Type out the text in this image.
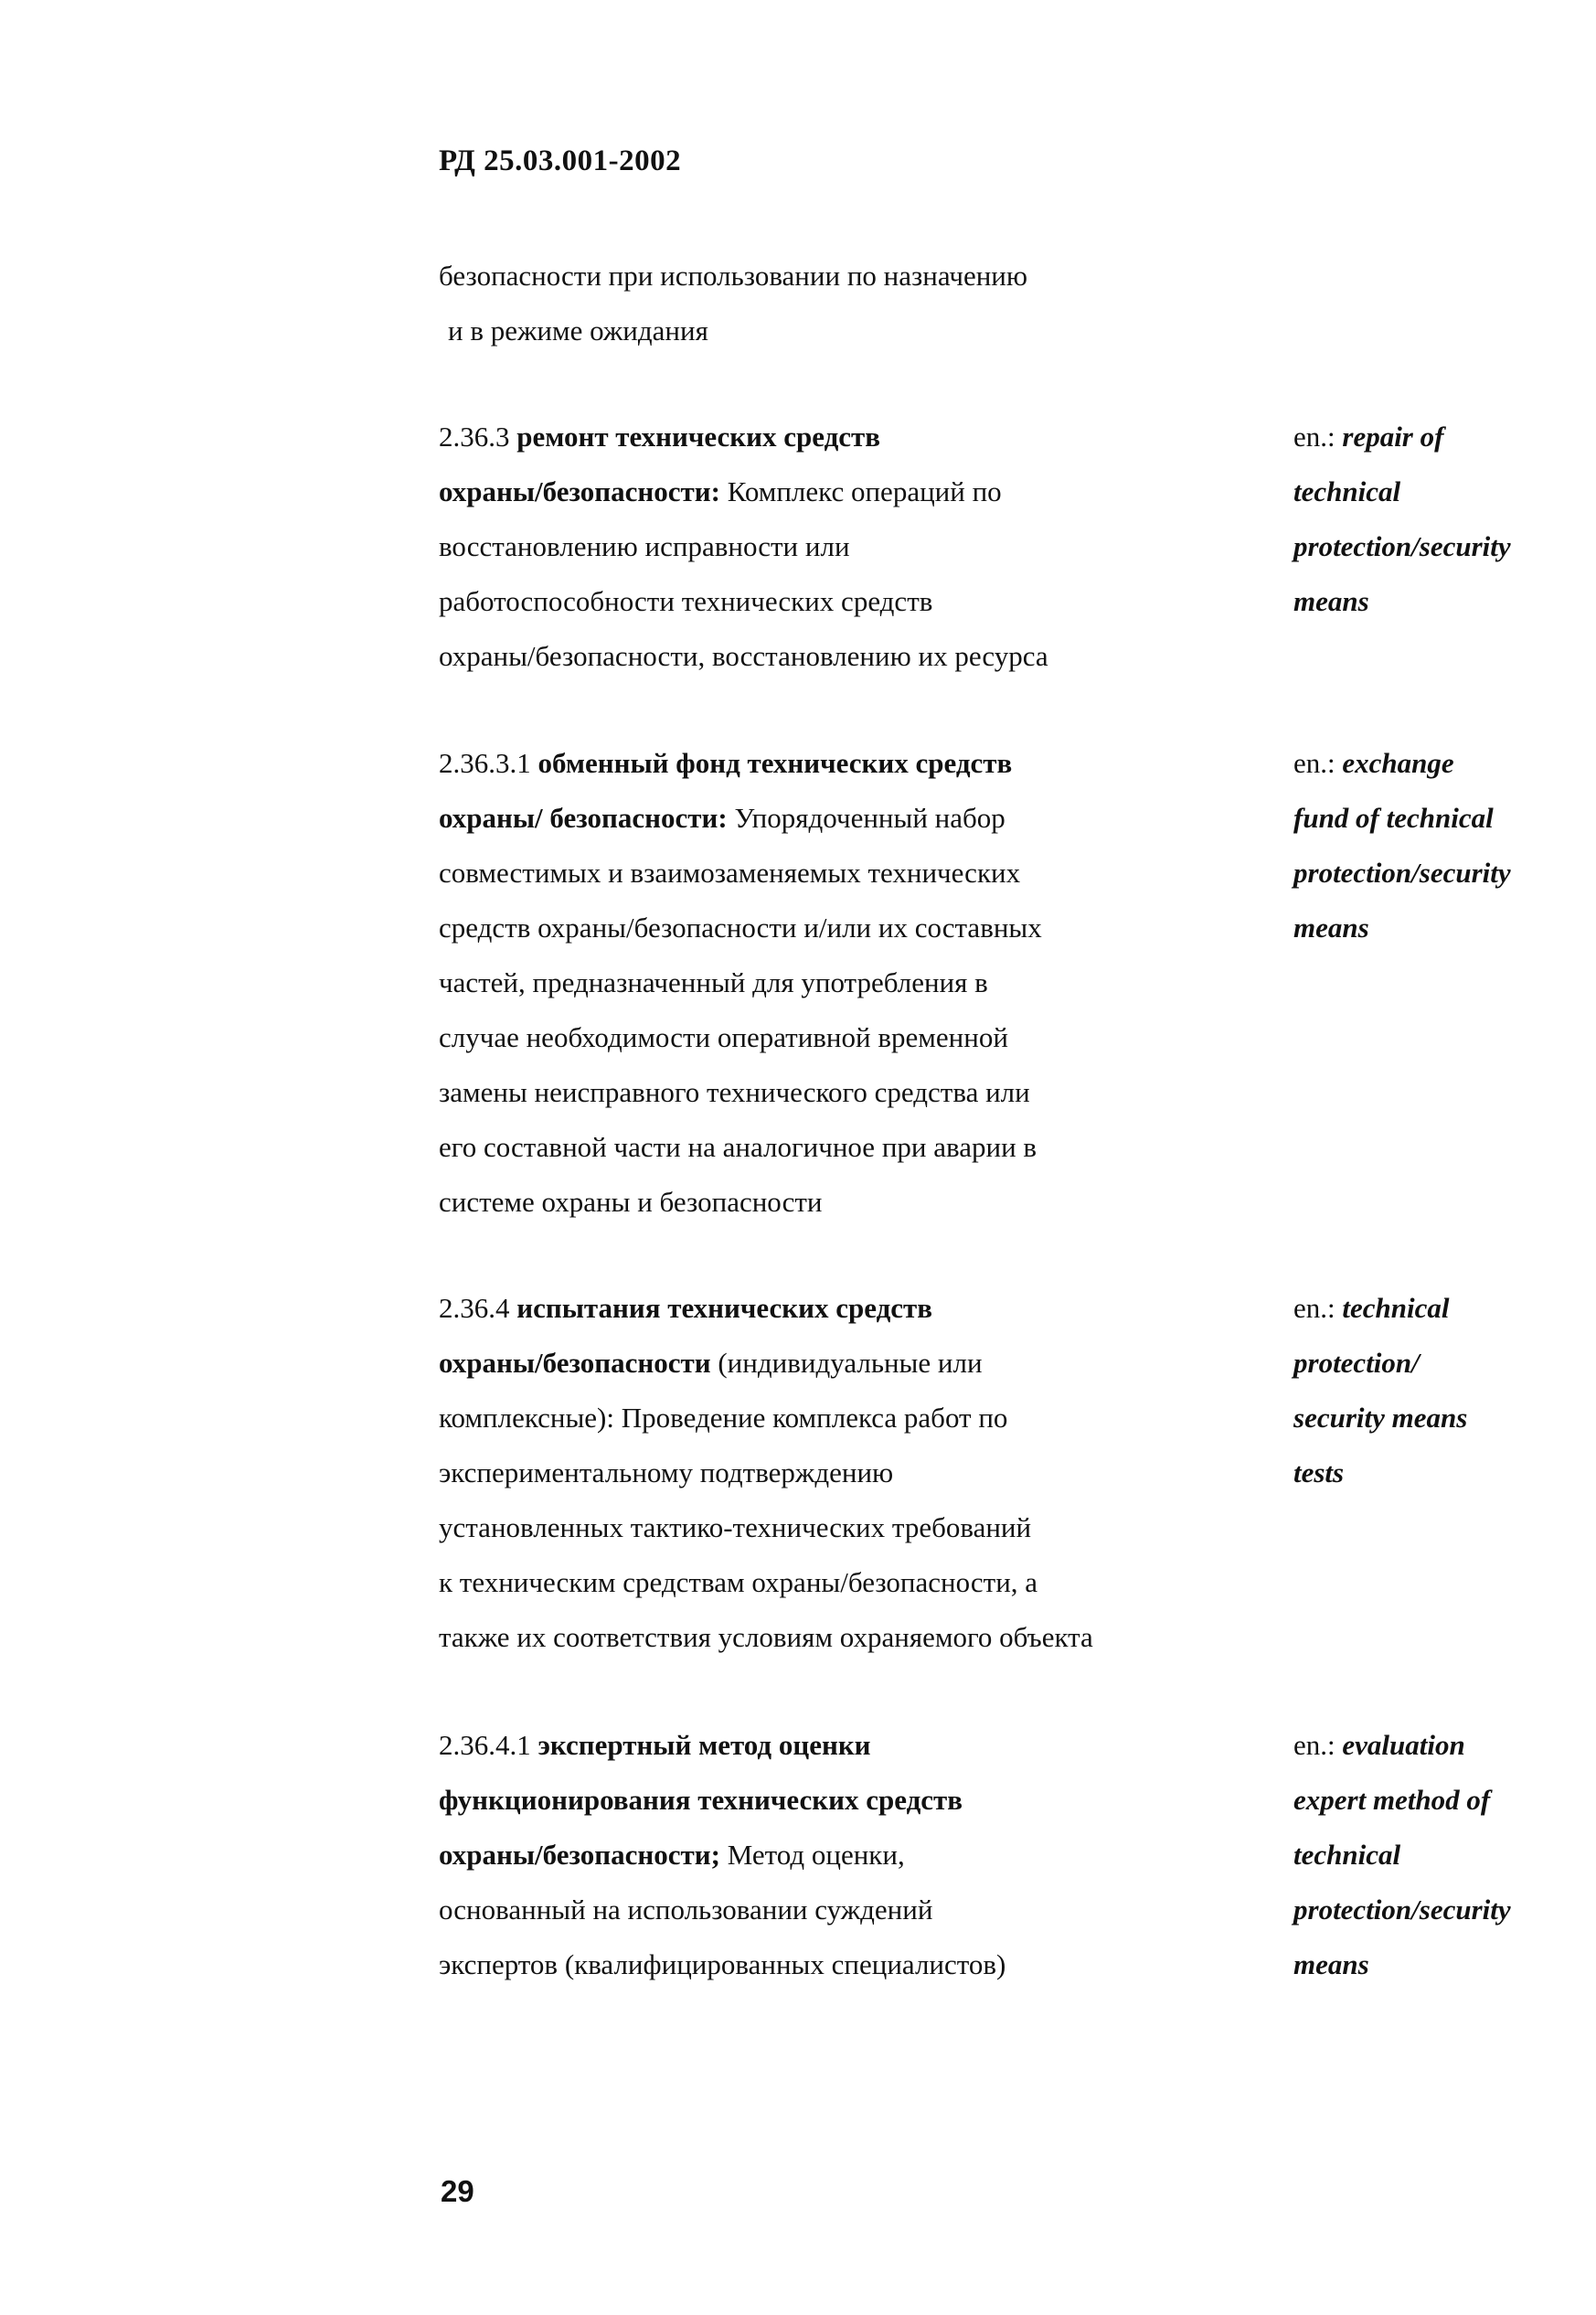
РД 25.03.001-2002
безопасности при использовании по назначению
и в режиме ожидания
2.36.3 ремонт технических средств
охраны/безопасности: Комплекс операций по
восстановлению исправности или
работоспособности технических средств
охраны/безопасности, восстановлению их ресурса
en.: repair of
technical
protection/security
means
2.36.3.1 обменный фонд технических средств
охраны/ безопасности: Упорядоченный набор
совместимых и взаимозаменяемых технических
средств охраны/безопасности и/или их составных
частей, предназначенный для употребления в
случае необходимости оперативной временной
замены неисправного технического средства или
его составной части на аналогичное при аварии в
системе охраны и безопасности
en.: exchange
fund of technical
protection/security
means
2.36.4 испытания технических средств
охраны/безопасности (индивидуальные или
комплексные): Проведение комплекса работ по
экспериментальному подтверждению
установленных тактико-технических требований
к техническим средствам охраны/безопасности, а
также их соответствия условиям охраняемого объекта
en.: technical
protection/
security means
tests
2.36.4.1 экспертный метод оценки
функционирования технических средств
охраны/безопасности; Метод оценки,
основанный на использовании суждений
экспертов (квалифицированных специалистов)
en.: evaluation
expert method of
technical
protection/security
means
29
